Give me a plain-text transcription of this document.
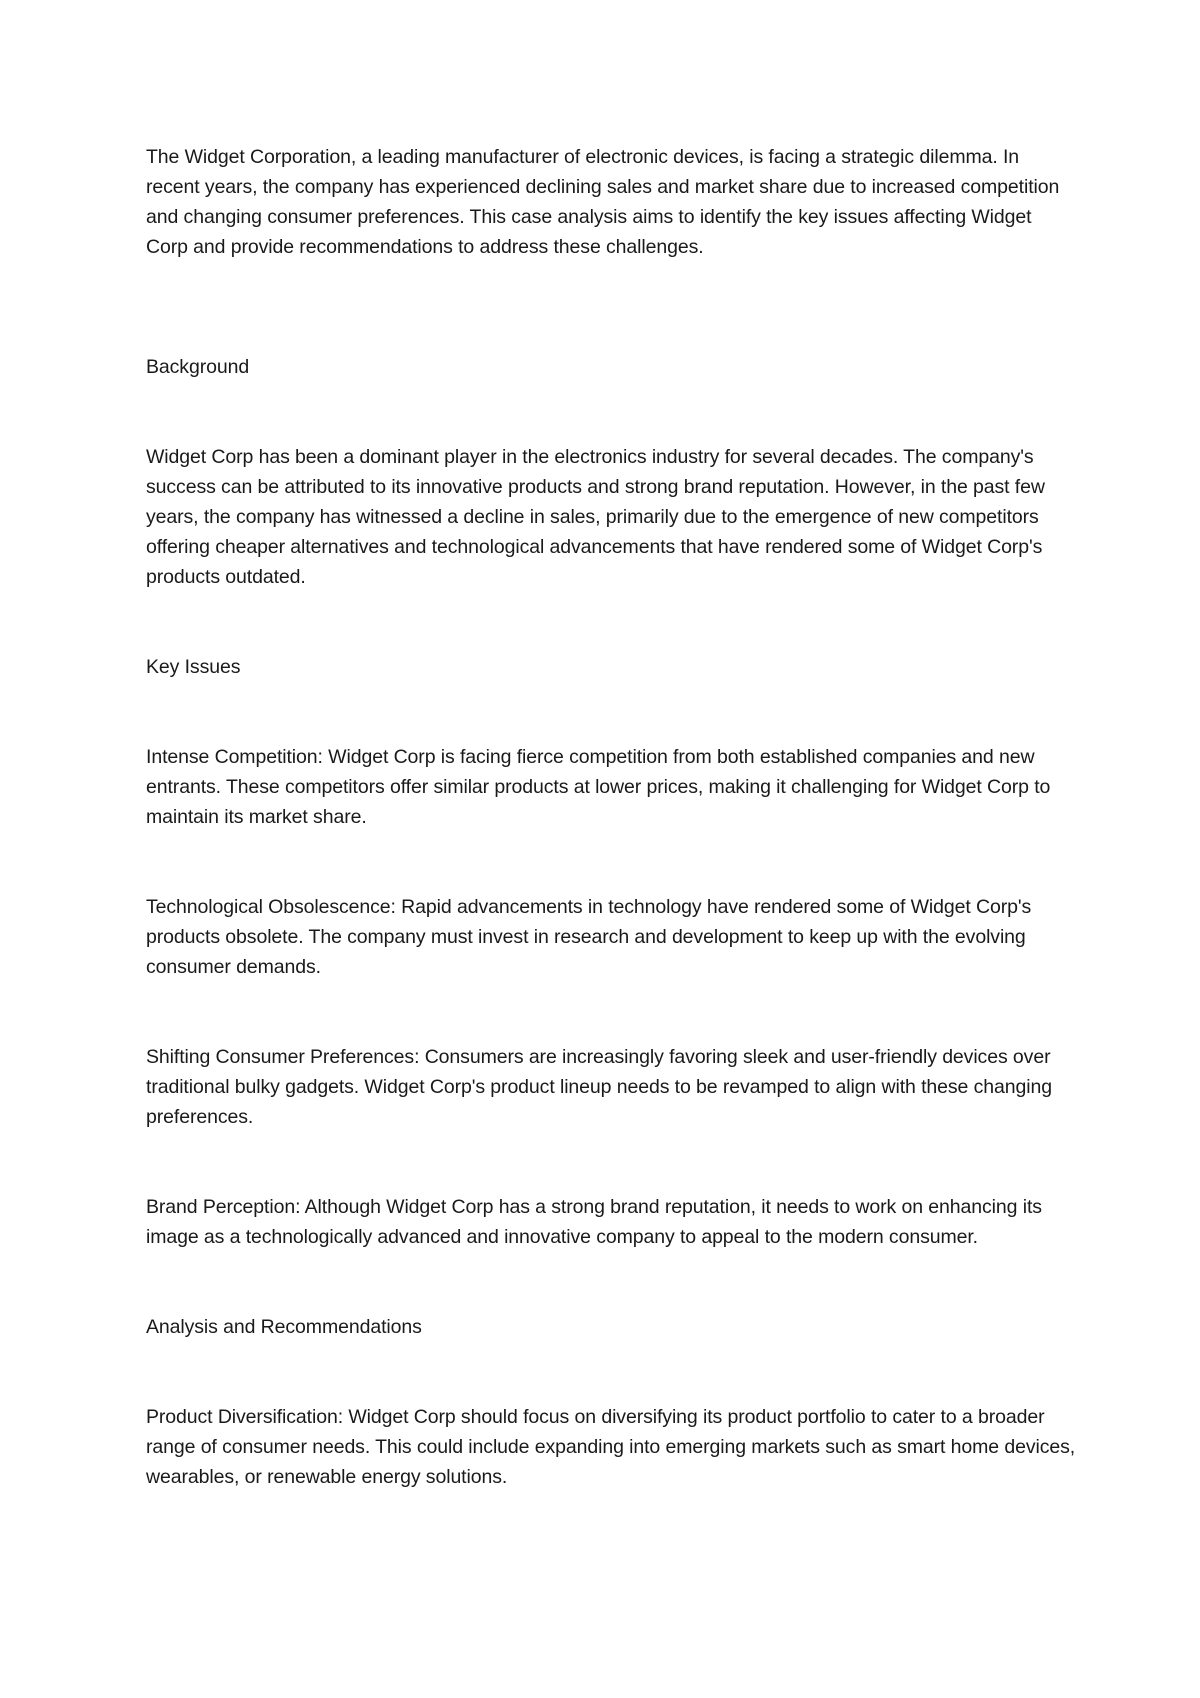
The Widget Corporation, a leading manufacturer of electronic devices, is facing a strategic dilemma. In recent years, the company has experienced declining sales and market share due to increased competition and changing consumer preferences. This case analysis aims to identify the key issues affecting Widget Corp and provide recommendations to address these challenges.

Background

Widget Corp has been a dominant player in the electronics industry for several decades. The company's success can be attributed to its innovative products and strong brand reputation. However, in the past few years, the company has witnessed a decline in sales, primarily due to the emergence of new competitors offering cheaper alternatives and technological advancements that have rendered some of Widget Corp's products outdated.

Key Issues

Intense Competition: Widget Corp is facing fierce competition from both established companies and new entrants. These competitors offer similar products at lower prices, making it challenging for Widget Corp to maintain its market share.

Technological Obsolescence: Rapid advancements in technology have rendered some of Widget Corp's products obsolete. The company must invest in research and development to keep up with the evolving consumer demands.

Shifting Consumer Preferences: Consumers are increasingly favoring sleek and user-friendly devices over traditional bulky gadgets. Widget Corp's product lineup needs to be revamped to align with these changing preferences.

Brand Perception: Although Widget Corp has a strong brand reputation, it needs to work on enhancing its image as a technologically advanced and innovative company to appeal to the modern consumer.

Analysis and Recommendations

Product Diversification: Widget Corp should focus on diversifying its product portfolio to cater to a broader range of consumer needs. This could include expanding into emerging markets such as smart home devices, wearables, or renewable energy solutions.
